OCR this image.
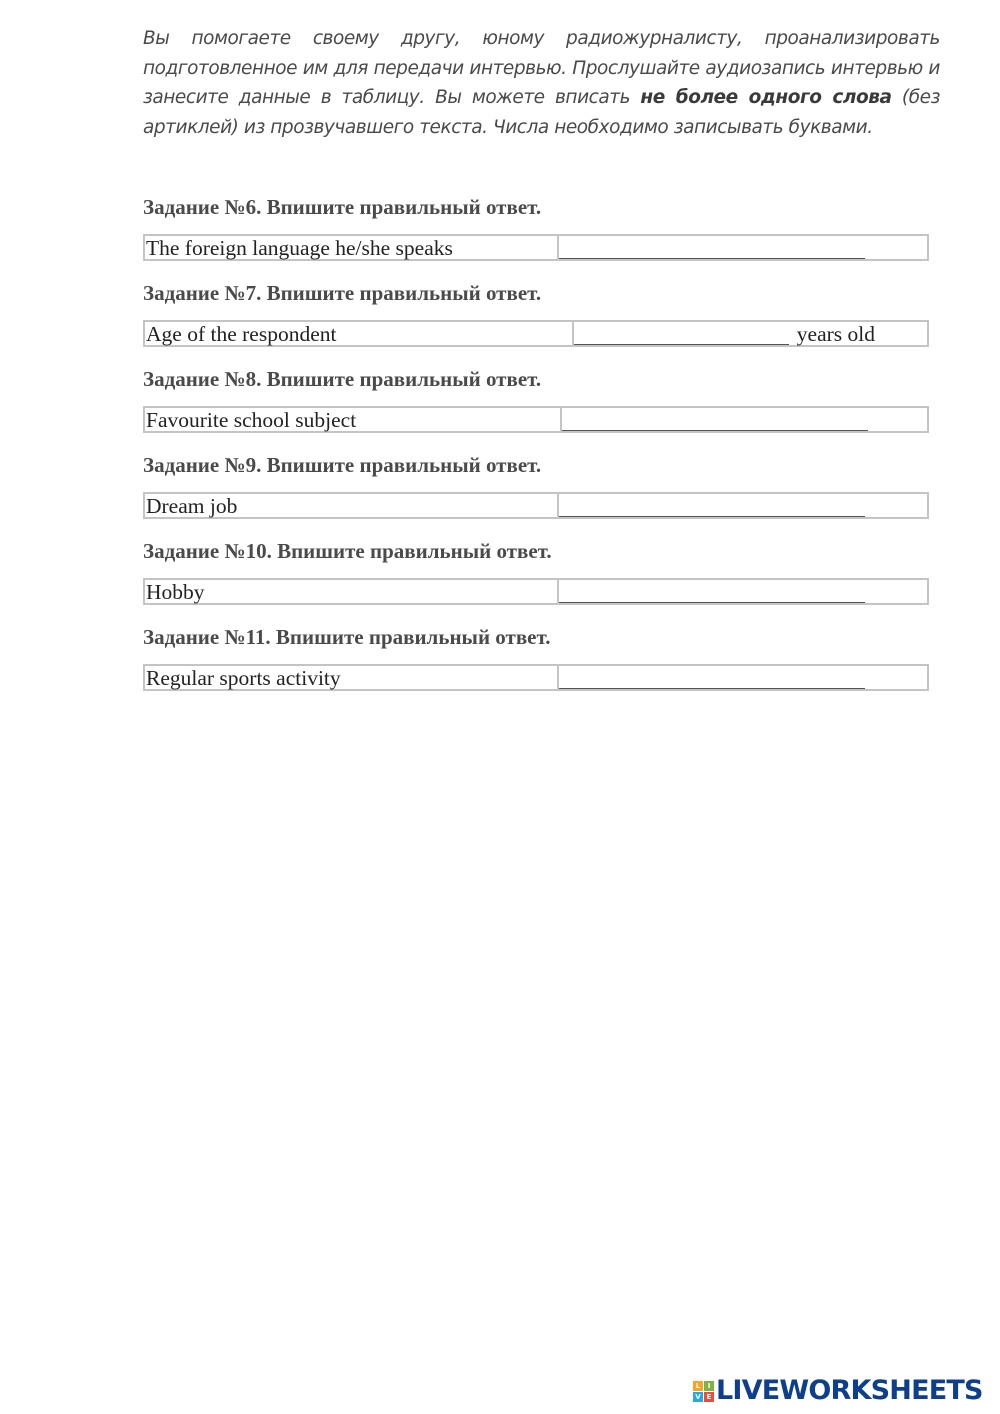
Вы помогаете своему другу, юному радиожурналисту, проанализировать подготовленное им для передачи интервью. Прослушайте аудиозапись интервью и занесите данные в таблицу. Вы можете вписать не более одного слова (без артиклей) из прозвучавшего текста. Числа необходимо записывать буквами.

Задание №6. Впишите правильный ответ.

The foreign language he/she speaks

Задание №7. Впишите правильный ответ.

Age of the respondent	years old

Задание №8. Впишите правильный ответ.

Favourite school subject

Задание №9. Впишите правильный ответ.

Dream job

Задание №10. Впишите правильный ответ.

Hobby

Задание №11. Впишите правильный ответ.

Regular sports activity
L	I
V E LIVEWORKSHEETS
